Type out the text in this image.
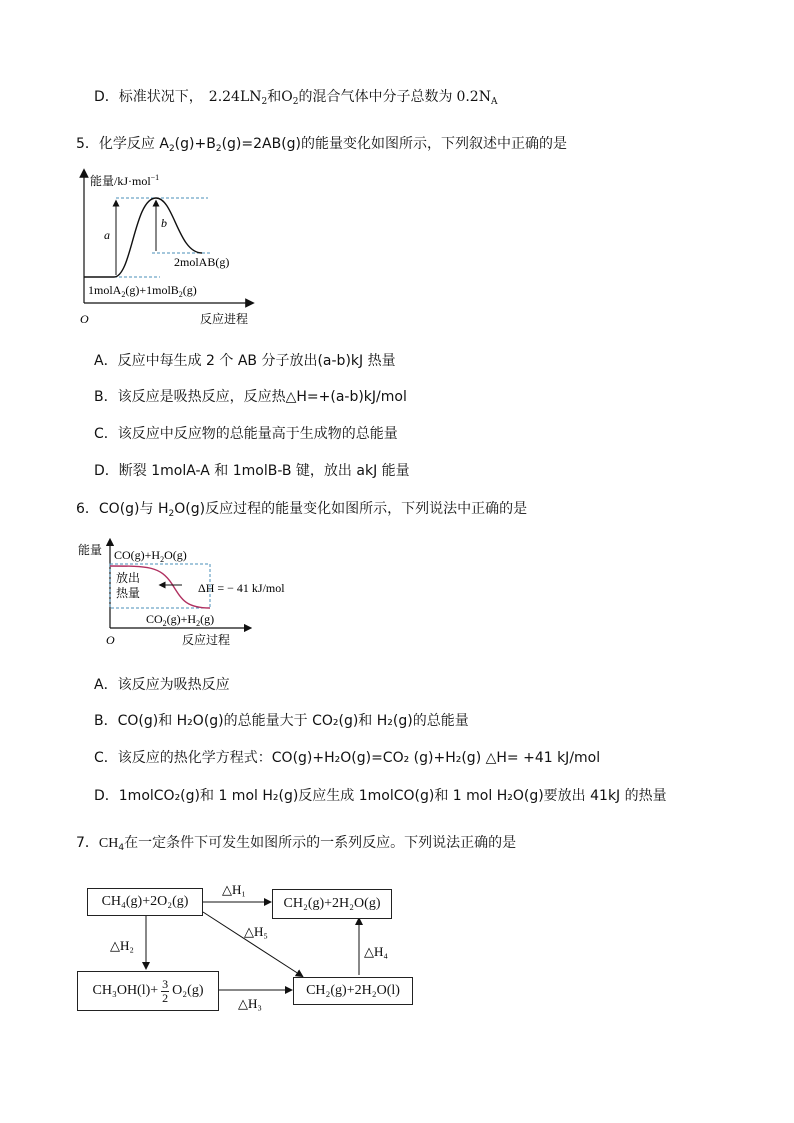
D．标准状况下， $2.24LN_2$和$O_2$的混合气体中分子总数为 $0.2N_A$
5．化学反应 $A_2(g)+B_2(g)=2AB(g)$的能量变化如图所示，下列叙述中正确的是
a
b
2molAB(g)
1molA$_2$(g)+1molB$_2$(g)
能量/kJ·mol$^{-1}$
O	反应进程
A．反应中每生成 2 个 AB 分子放出(a-b)kJ 热量
B．该反应是吸热反应，反应热△H=+(a-b)kJ/mol
C．该反应中反应物的总能量高于生成物的总能量
D．断裂 1molA-A 和 1molB-B 键，放出 akJ 能量
6．CO(g)与 $H_2O(g)$反应过程的能量变化如图所示，下列说法中正确的是
能量 $CO(g)+H_2O(g)$
放出
热量	ΔH = − 41 kJ/mol
$CO_2(g)+H_2(g)$
O	反应过程
A．该反应为吸热反应
B．CO(g)和 H₂O(g)的总能量大于 CO₂(g)和 H₂(g)的总能量
C．该反应的热化学方程式：CO(g)+H₂O(g)=CO₂ (g)+H₂(g) △H= +41 kJ/mol
D．1molCO₂(g)和 1 mol H₂(g)反应生成 1molCO(g)和 1 mol H₂O(g)要放出 41kJ 的热量
7．$CH_4$在一定条件下可发生如图所示的一系列反应。下列说法正确的是
△H₁
△H₂
△H₃
△H₄
△H₅
CH₄(g)+2O₂(g)	CH₂(g)+2H₂O(g)
$CH_3OH(l)+ \frac{3}{2} O_2(g)$	CH₂(g)+2H₂O(l)
